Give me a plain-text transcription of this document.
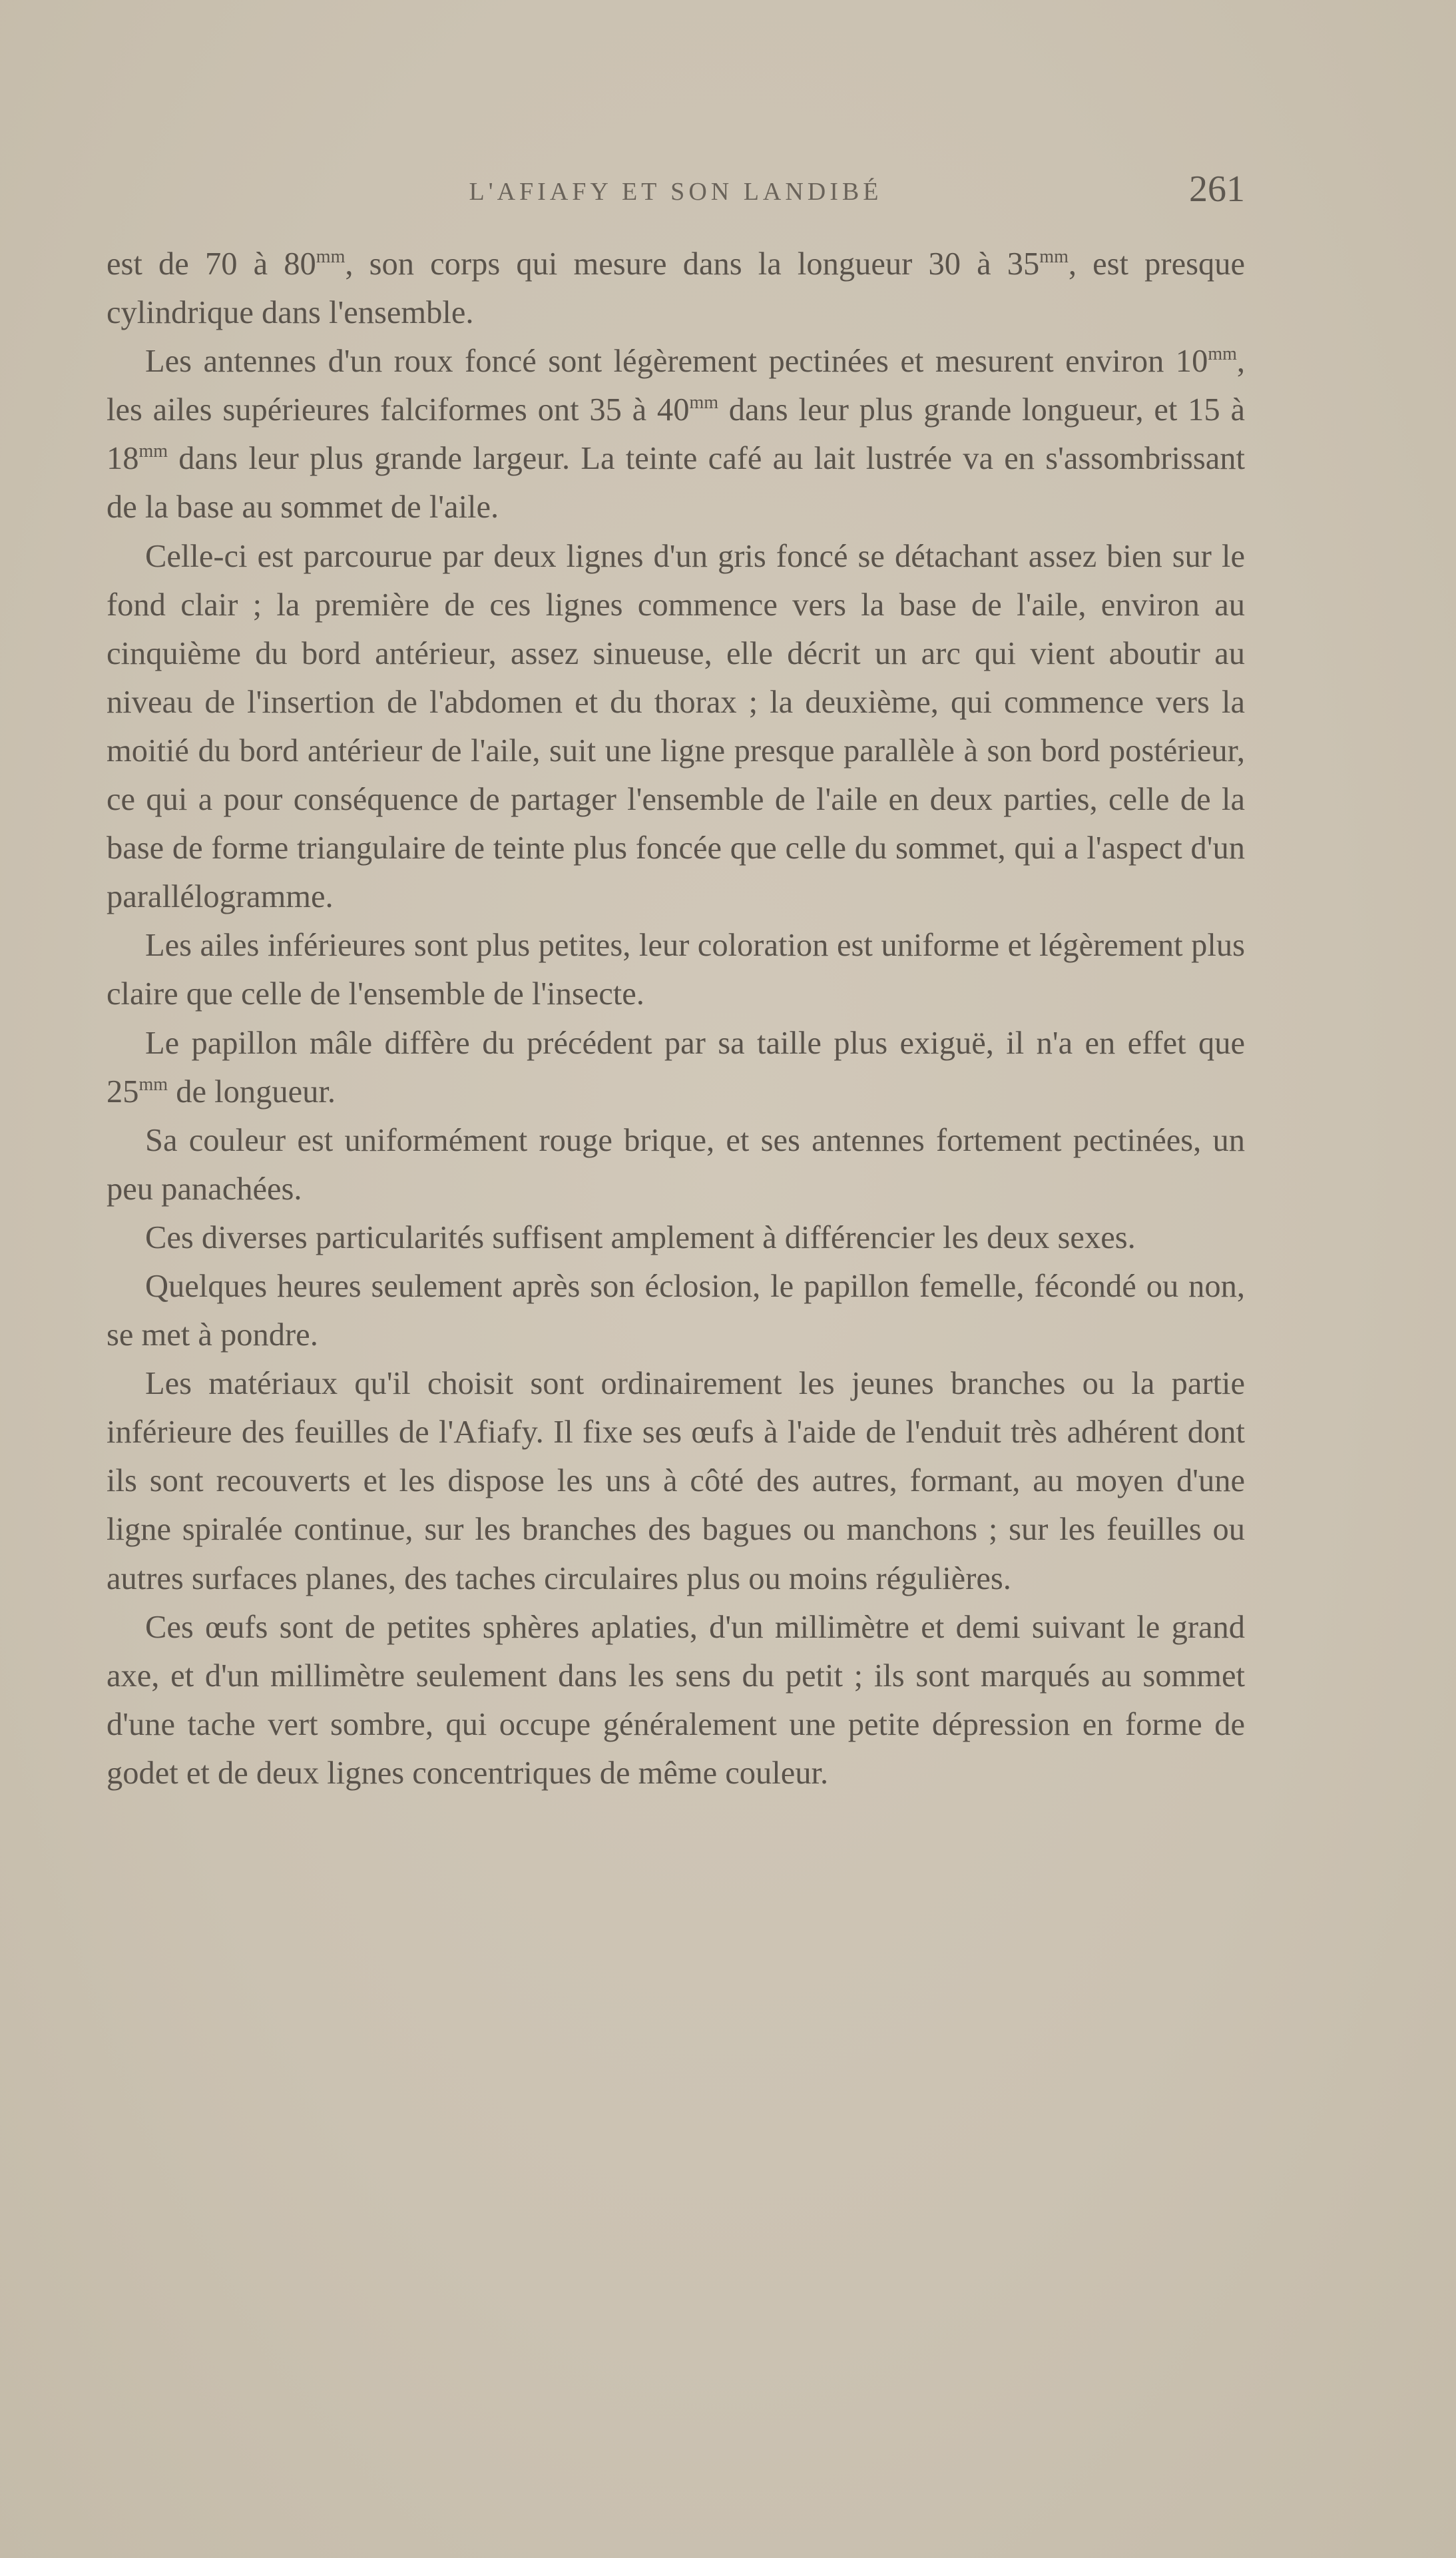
L'AFIAFY ET SON LANDIBÉ	261

est de 70 à $80^{mm}$, son corps qui mesure dans la longueur 30 à $35^{mm}$, est presque cylindrique dans l'ensemble.

Les antennes d'un roux foncé sont légèrement pectinées et mesurent environ $10^{mm}$, les ailes supérieures falciformes ont 35 à $40^{mm}$ dans leur plus grande longueur, et 15 à $18^{mm}$ dans leur plus grande largeur. La teinte café au lait lustrée va en s'assombrissant de la base au sommet de l'aile.

Celle-ci est parcourue par deux lignes d'un gris foncé se détachant assez bien sur le fond clair ; la première de ces lignes commence vers la base de l'aile, environ au cinquième du bord antérieur, assez sinueuse, elle décrit un arc qui vient aboutir au niveau de l'insertion de l'abdomen et du thorax ; la deuxième, qui commence vers la moitié du bord antérieur de l'aile, suit une ligne presque parallèle à son bord postérieur, ce qui a pour conséquence de partager l'ensemble de l'aile en deux parties, celle de la base de forme triangulaire de teinte plus foncée que celle du sommet, qui a l'aspect d'un parallélogramme.

Les ailes inférieures sont plus petites, leur coloration est uniforme et légèrement plus claire que celle de l'ensemble de l'insecte.

Le papillon mâle diffère du précédent par sa taille plus exiguë, il n'a en effet que $25^{mm}$ de longueur.

Sa couleur est uniformément rouge brique, et ses antennes fortement pectinées, un peu panachées.

Ces diverses particularités suffisent amplement à différencier les deux sexes.

Quelques heures seulement après son éclosion, le papillon femelle, fécondé ou non, se met à pondre.

Les matériaux qu'il choisit sont ordinairement les jeunes branches ou la partie inférieure des feuilles de l'Afiafy. Il fixe ses œufs à l'aide de l'enduit très adhérent dont ils sont recouverts et les dispose les uns à côté des autres, formant, au moyen d'une ligne spiralée continue, sur les branches des bagues ou manchons ; sur les feuilles ou autres surfaces planes, des taches circulaires plus ou moins régulières.

Ces œufs sont de petites sphères aplaties, d'un millimètre et demi suivant le grand axe, et d'un millimètre seulement dans les sens du petit ; ils sont marqués au sommet d'une tache vert sombre, qui occupe généralement une petite dépression en forme de godet et de deux lignes concentriques de même couleur.
